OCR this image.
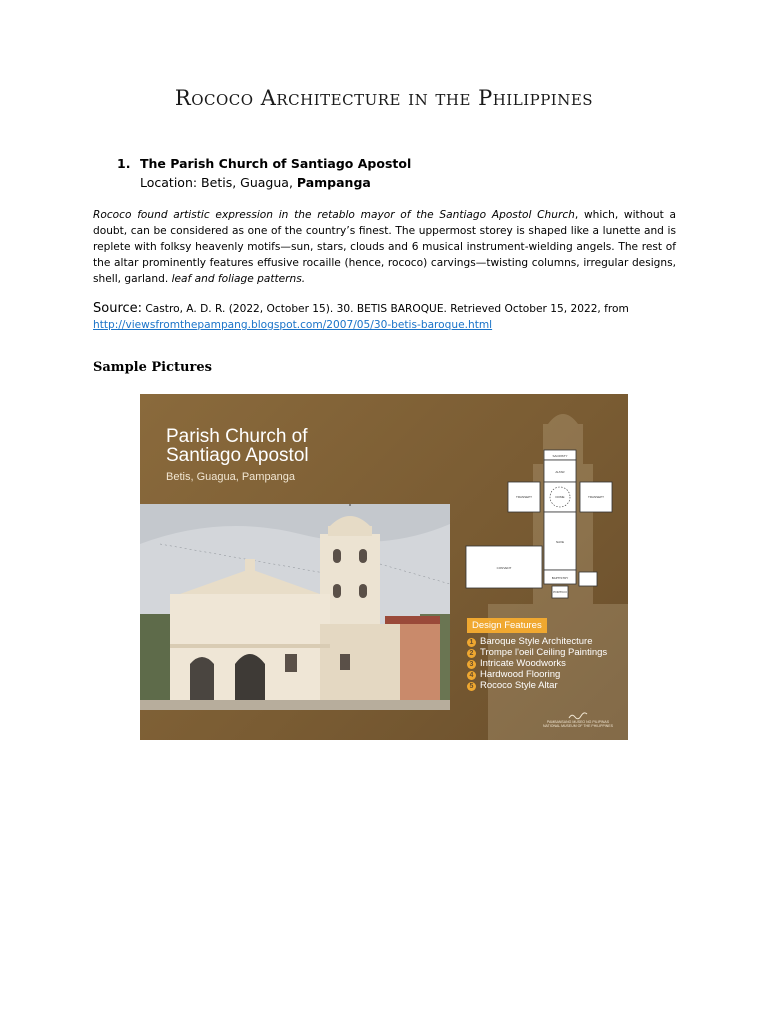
Rococo Architecture in the Philippines
1. The Parish Church of Santiago Apostol
Location: Betis, Guagua, Pampanga
Rococo found artistic expression in the retablo mayor of the Santiago Apostol Church, which, without a doubt, can be considered as one of the country’s finest. The uppermost storey is shaped like a lunette and is replete with folksy heavenly motifs—sun, stars, clouds and 6 musical instrument-wielding angels. The rest of the altar prominently features effusive rocaille (hence, rococo) carvings—twisting columns, irregular designs, shell, garland. leaf and foliage patterns.
Source: Castro, A. D. R. (2022, October 15). 30. BETIS BAROQUE. Retrieved October 15, 2022, from
http://viewsfromthepampang.blogspot.com/2007/05/30-betis-baroque.html
Sample Pictures
Parish Church of
Santiago Apostol
Betis, Guagua, Pampanga
SACRISTY
ALTAR
TRANSEPT	DOME	TRANSEPT
NAVE
CONVENT
BAPTISTRY
PORTICO
Design Features
1 Baroque Style Architecture
2 Trompe l'oeil Ceiling Paintings
3 Intricate Woodworks
4 Hardwood Flooring
5 Rococo Style Altar
PAMBANSANG MUSEO NG PILIPINAS
NATIONAL MUSEUM OF THE PHILIPPINES
